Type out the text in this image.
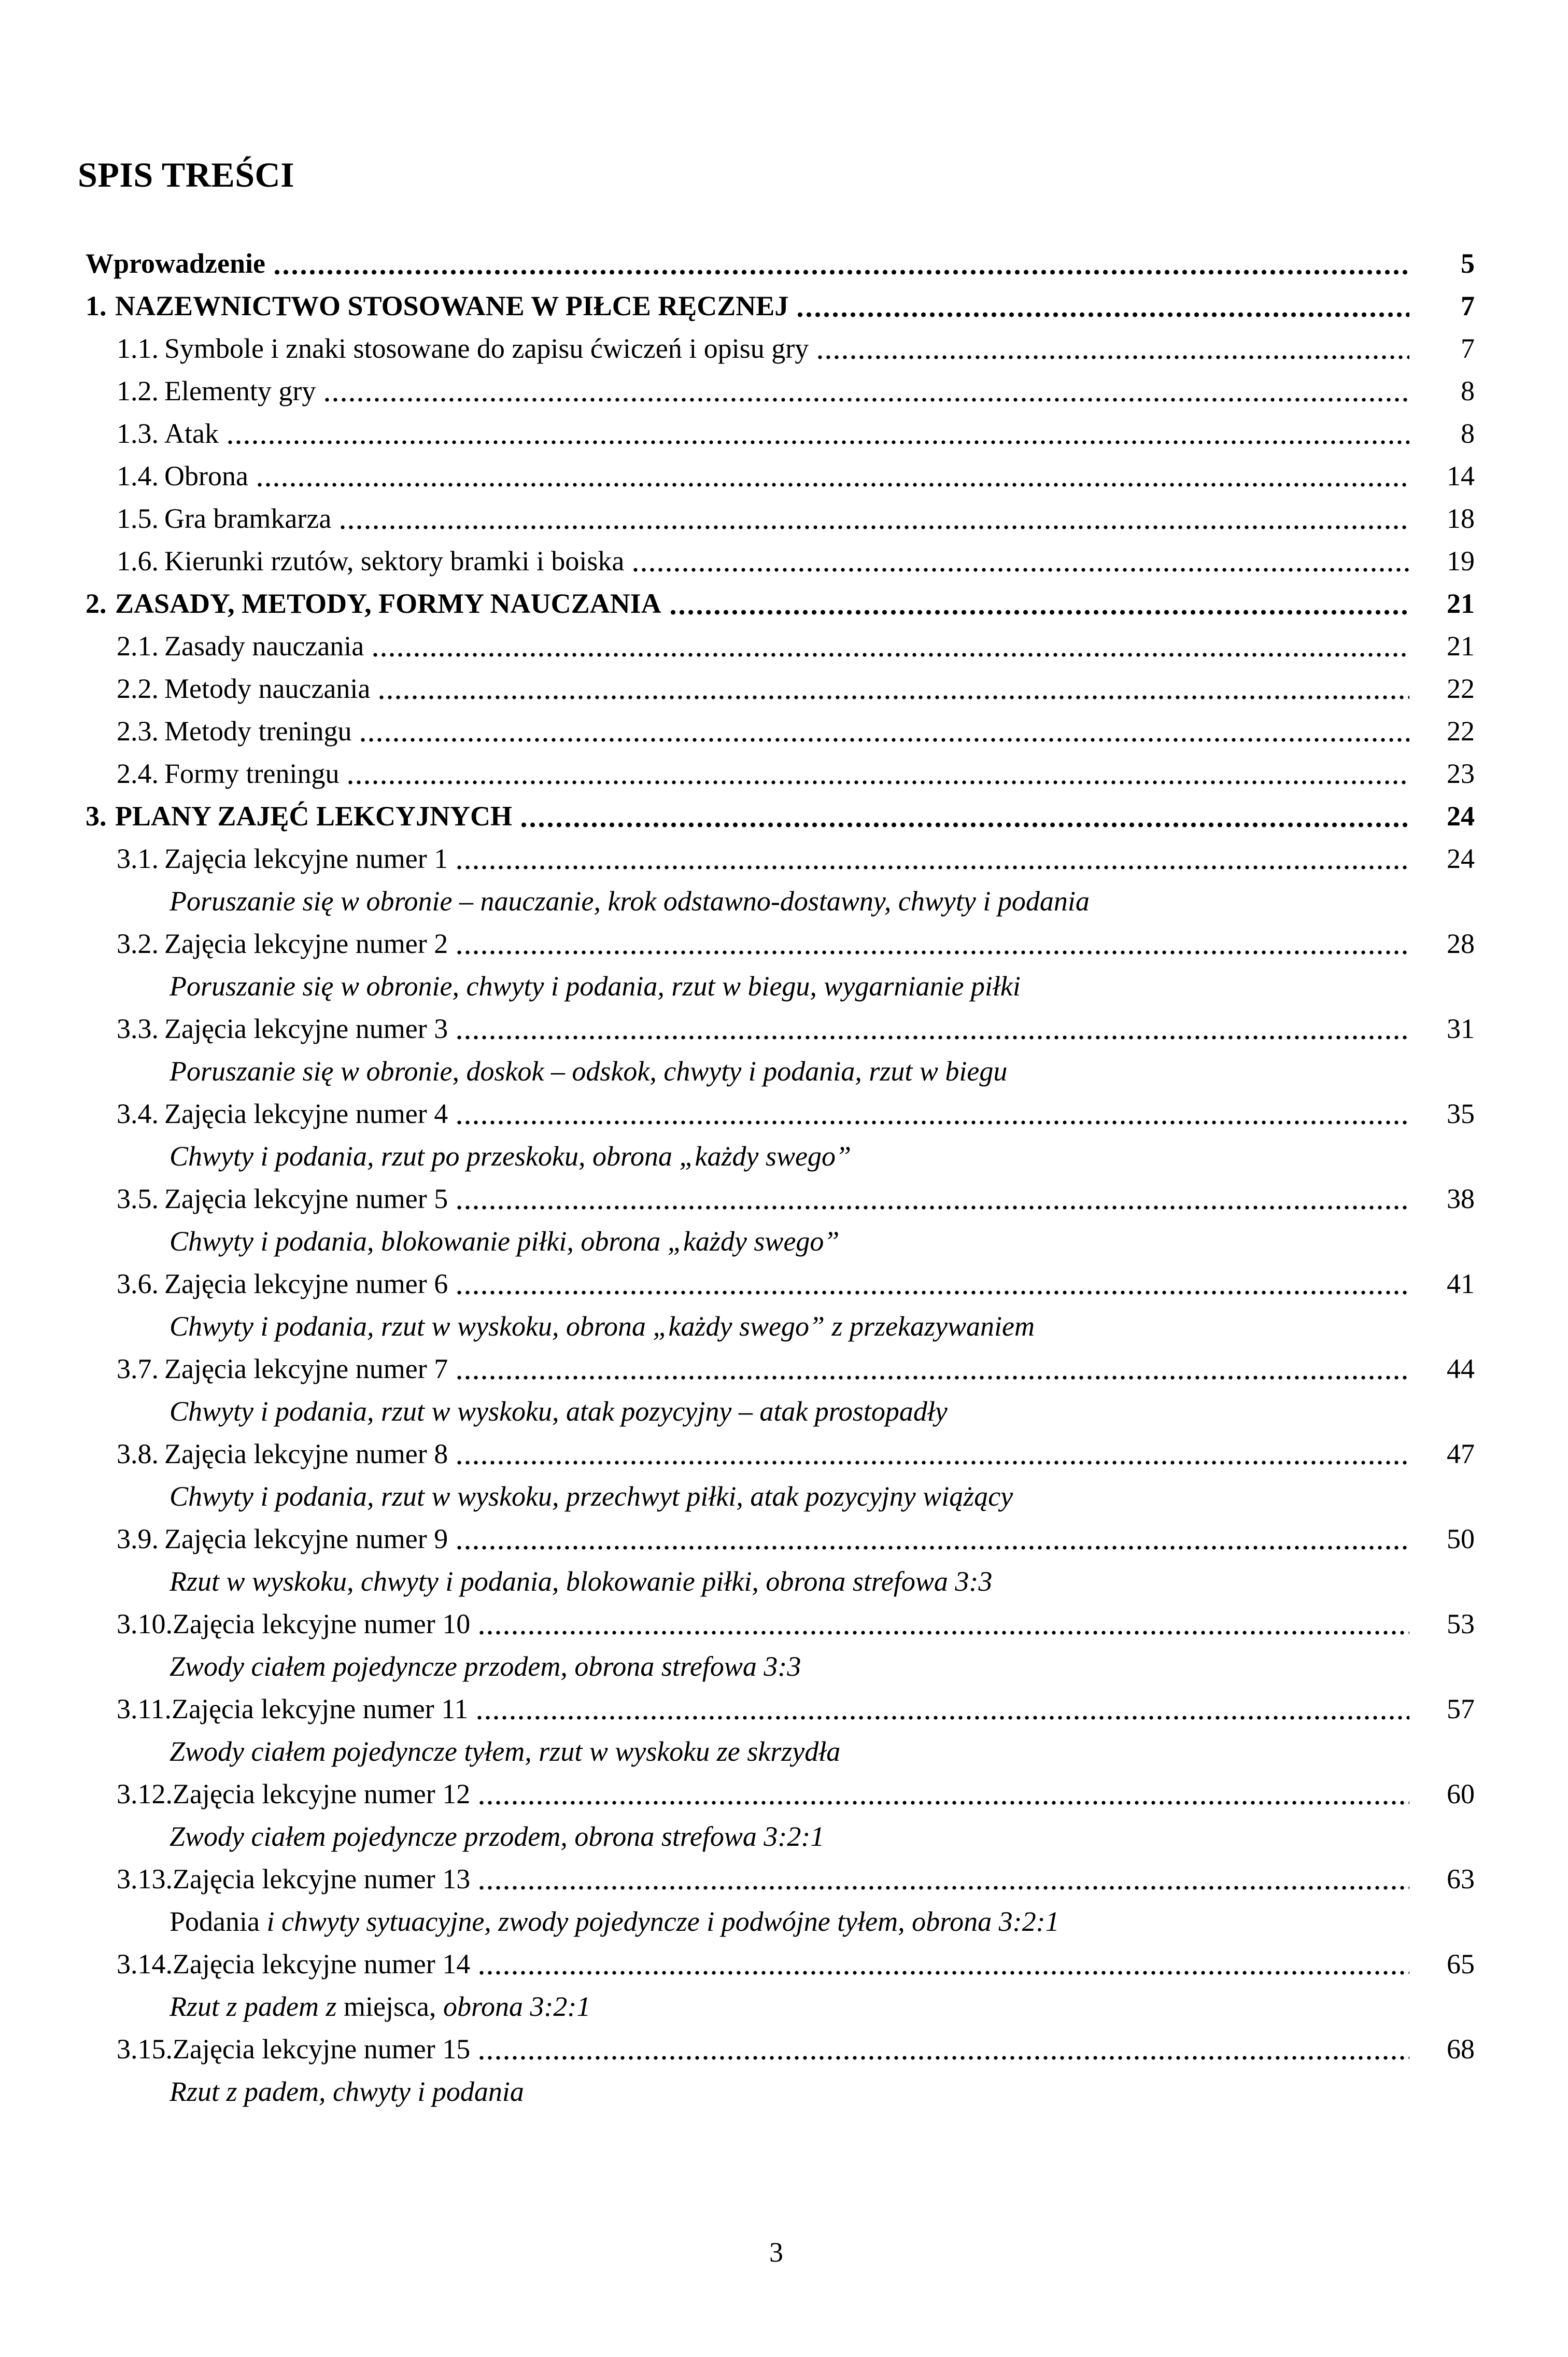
SPIS TREŚCI
Wprowadzenie	5
1. NAZEWNICTWO STOSOWANE W PIŁCE RĘCZNEJ	7
1.1. Symbole i znaki stosowane do zapisu ćwiczeń i opisu gry	7
1.2. Elementy gry	8
1.3. Atak	8
1.4. Obrona	14
1.5. Gra bramkarza	18
1.6. Kierunki rzutów, sektory bramki i boiska	19
2. ZASADY, METODY, FORMY NAUCZANIA	21
2.1. Zasady nauczania	21
2.2. Metody nauczania	22
2.3. Metody treningu	22
2.4. Formy treningu	23
3. PLANY ZAJĘĆ LEKCYJNYCH	24
3.1. Zajęcia lekcyjne numer 1	24
Poruszanie się w obronie – nauczanie, krok odstawno-dostawny, chwyty i podania
3.2. Zajęcia lekcyjne numer 2	28
Poruszanie się w obronie, chwyty i podania, rzut w biegu, wygarnianie piłki
3.3. Zajęcia lekcyjne numer 3	31
Poruszanie się w obronie, doskok – odskok, chwyty i podania, rzut w biegu
3.4. Zajęcia lekcyjne numer 4	35
Chwyty i podania, rzut po przeskoku, obrona „każdy swego”
3.5. Zajęcia lekcyjne numer 5	38
Chwyty i podania, blokowanie piłki, obrona „każdy swego”
3.6. Zajęcia lekcyjne numer 6	41
Chwyty i podania, rzut w wyskoku, obrona „każdy swego” z przekazywaniem
3.7. Zajęcia lekcyjne numer 7	44
Chwyty i podania, rzut w wyskoku, atak pozycyjny – atak prostopadły
3.8. Zajęcia lekcyjne numer 8	47
Chwyty i podania, rzut w wyskoku, przechwyt piłki, atak pozycyjny wiążący
3.9. Zajęcia lekcyjne numer 9	50
Rzut w wyskoku, chwyty i podania, blokowanie piłki, obrona strefowa 3:3
3.10. Zajęcia lekcyjne numer 10	53
Zwody ciałem pojedyncze przodem, obrona strefowa 3:3
3.11. Zajęcia lekcyjne numer 11	57
Zwody ciałem pojedyncze tyłem, rzut w wyskoku ze skrzydła
3.12. Zajęcia lekcyjne numer 12	60
Zwody ciałem pojedyncze przodem, obrona strefowa 3:2:1
3.13. Zajęcia lekcyjne numer 13	63
Podania i chwyty sytuacyjne, zwody pojedyncze i podwójne tyłem, obrona 3:2:1
3.14. Zajęcia lekcyjne numer 14	65
Rzut z padem z miejsca, obrona 3:2:1
3.15. Zajęcia lekcyjne numer 15	68
Rzut z padem, chwyty i podania
3
